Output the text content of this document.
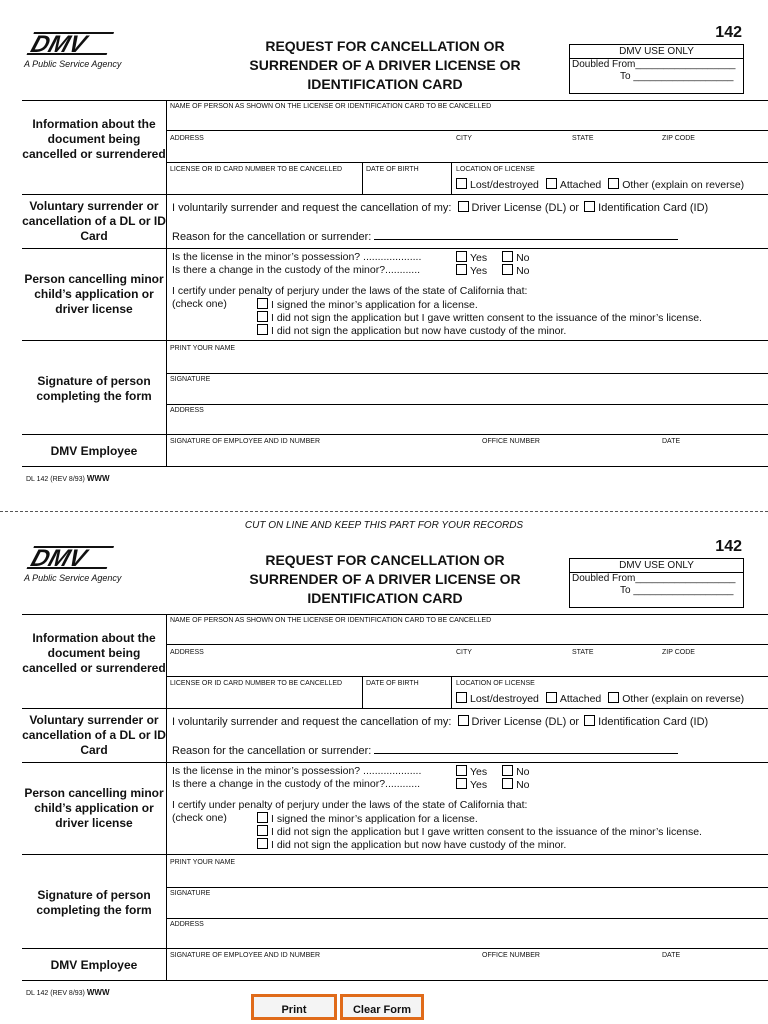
DMV
A Public Service Agency
REQUEST FOR CANCELLATION OR
SURRENDER OF A DRIVER LICENSE OR
IDENTIFICATION CARD
142
DMV USE ONLY
Doubled From__________________
To __________________
Information about the document being cancelled or surrendered
NAME OF PERSON AS SHOWN ON THE LICENSE OR IDENTIFICATION CARD TO BE CANCELLED
ADDRESS	CITY	STATE	ZIP CODE
LICENSE OR ID CARD NUMBER TO BE CANCELLED	DATE OF BIRTH	LOCATION OF LICENSE
Lost/destroyed Attached Other (explain on reverse)
Voluntary surrender or cancellation of a DL or ID Card
I voluntarily surrender and request the cancellation of my: Driver License (DL) or Identification Card (ID)
Reason for the cancellation or surrender:
Person cancelling minor child’s application or driver license
Is the license in the minor’s possession? ....................	Yes	No
Is there a change in the custody of the minor?............	Yes	No
I certify under penalty of perjury under the laws of the state of California that:
(check one)	I signed the minor’s application for a license.
I did not sign the application but I gave written consent to the issuance of the minor’s license.
I did not sign the application but now have custody of the minor.
Signature of person completing the form
PRINT YOUR NAME
SIGNATURE
ADDRESS
DMV Employee
SIGNATURE OF EMPLOYEE AND ID NUMBER	OFFICE NUMBER	DATE
DL 142 (REV 8/93) WWW
CUT ON LINE AND KEEP THIS PART FOR YOUR RECORDS
DMV
A Public Service Agency
REQUEST FOR CANCELLATION OR
SURRENDER OF A DRIVER LICENSE OR
IDENTIFICATION CARD
142
DMV USE ONLY
Doubled From__________________
To __________________
Information about the document being cancelled or surrendered
NAME OF PERSON AS SHOWN ON THE LICENSE OR IDENTIFICATION CARD TO BE CANCELLED
ADDRESS	CITY	STATE	ZIP CODE
LICENSE OR ID CARD NUMBER TO BE CANCELLED	DATE OF BIRTH	LOCATION OF LICENSE
Lost/destroyed Attached Other (explain on reverse)
Voluntary surrender or cancellation of a DL or ID Card
I voluntarily surrender and request the cancellation of my: Driver License (DL) or Identification Card (ID)
Reason for the cancellation or surrender:
Person cancelling minor child’s application or driver license
Is the license in the minor’s possession? ....................	Yes	No
Is there a change in the custody of the minor?............	Yes	No
I certify under penalty of perjury under the laws of the state of California that:
(check one)	I signed the minor’s application for a license.
I did not sign the application but I gave written consent to the issuance of the minor’s license.
I did not sign the application but now have custody of the minor.
Signature of person completing the form
PRINT YOUR NAME
SIGNATURE
ADDRESS
DMV Employee
SIGNATURE OF EMPLOYEE AND ID NUMBER	OFFICE NUMBER	DATE
DL 142 (REV 8/93) WWW
Print	Clear Form
